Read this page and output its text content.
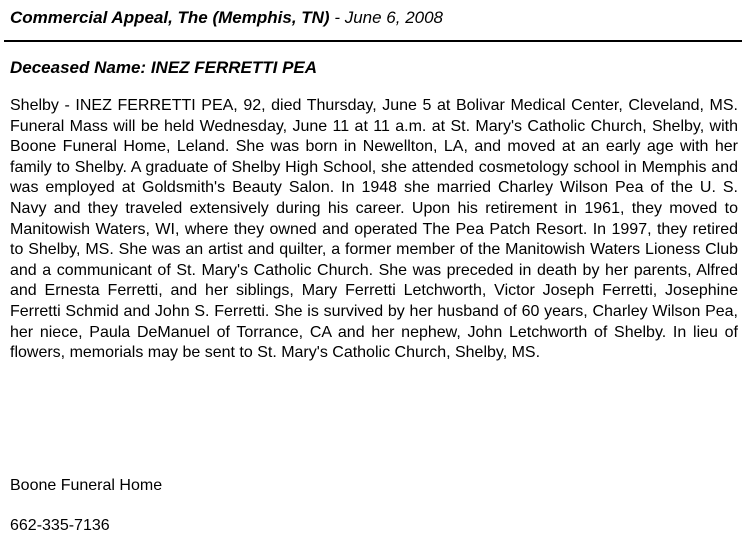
Commercial Appeal, The (Memphis, TN) - June 6, 2008
Deceased Name: INEZ FERRETTI PEA

Shelby - INEZ FERRETTI PEA, 92, died Thursday, June 5 at Bolivar Medical Center, Cleveland, MS. Funeral Mass will be held Wednesday, June 11 at 11 a.m. at St. Mary's Catholic Church, Shelby, with Boone Funeral Home, Leland. She was born in Newellton, LA, and moved at an early age with her family to Shelby. A graduate of Shelby High School, she attended cosmetology school in Memphis and was employed at Goldsmith's Beauty Salon. In 1948 she married Charley Wilson Pea of the U. S. Navy and they traveled extensively during his career. Upon his retirement in 1961, they moved to Manitowish Waters, WI, where they owned and operated The Pea Patch Resort. In 1997, they retired to Shelby, MS. She was an artist and quilter, a former member of the Manitowish Waters Lioness Club and a communicant of St. Mary's Catholic Church. She was preceded in death by her parents, Alfred and Ernesta Ferretti, and her siblings, Mary Ferretti Letchworth, Victor Joseph Ferretti, Josephine Ferretti Schmid and John S. Ferretti. She is survived by her husband of 60 years, Charley Wilson Pea, her niece, Paula DeManuel of Torrance, CA and her nephew, John Letchworth of Shelby. In lieu of flowers, memorials may be sent to St. Mary's Catholic Church, Shelby, MS.

Boone Funeral Home
662-335-7136
